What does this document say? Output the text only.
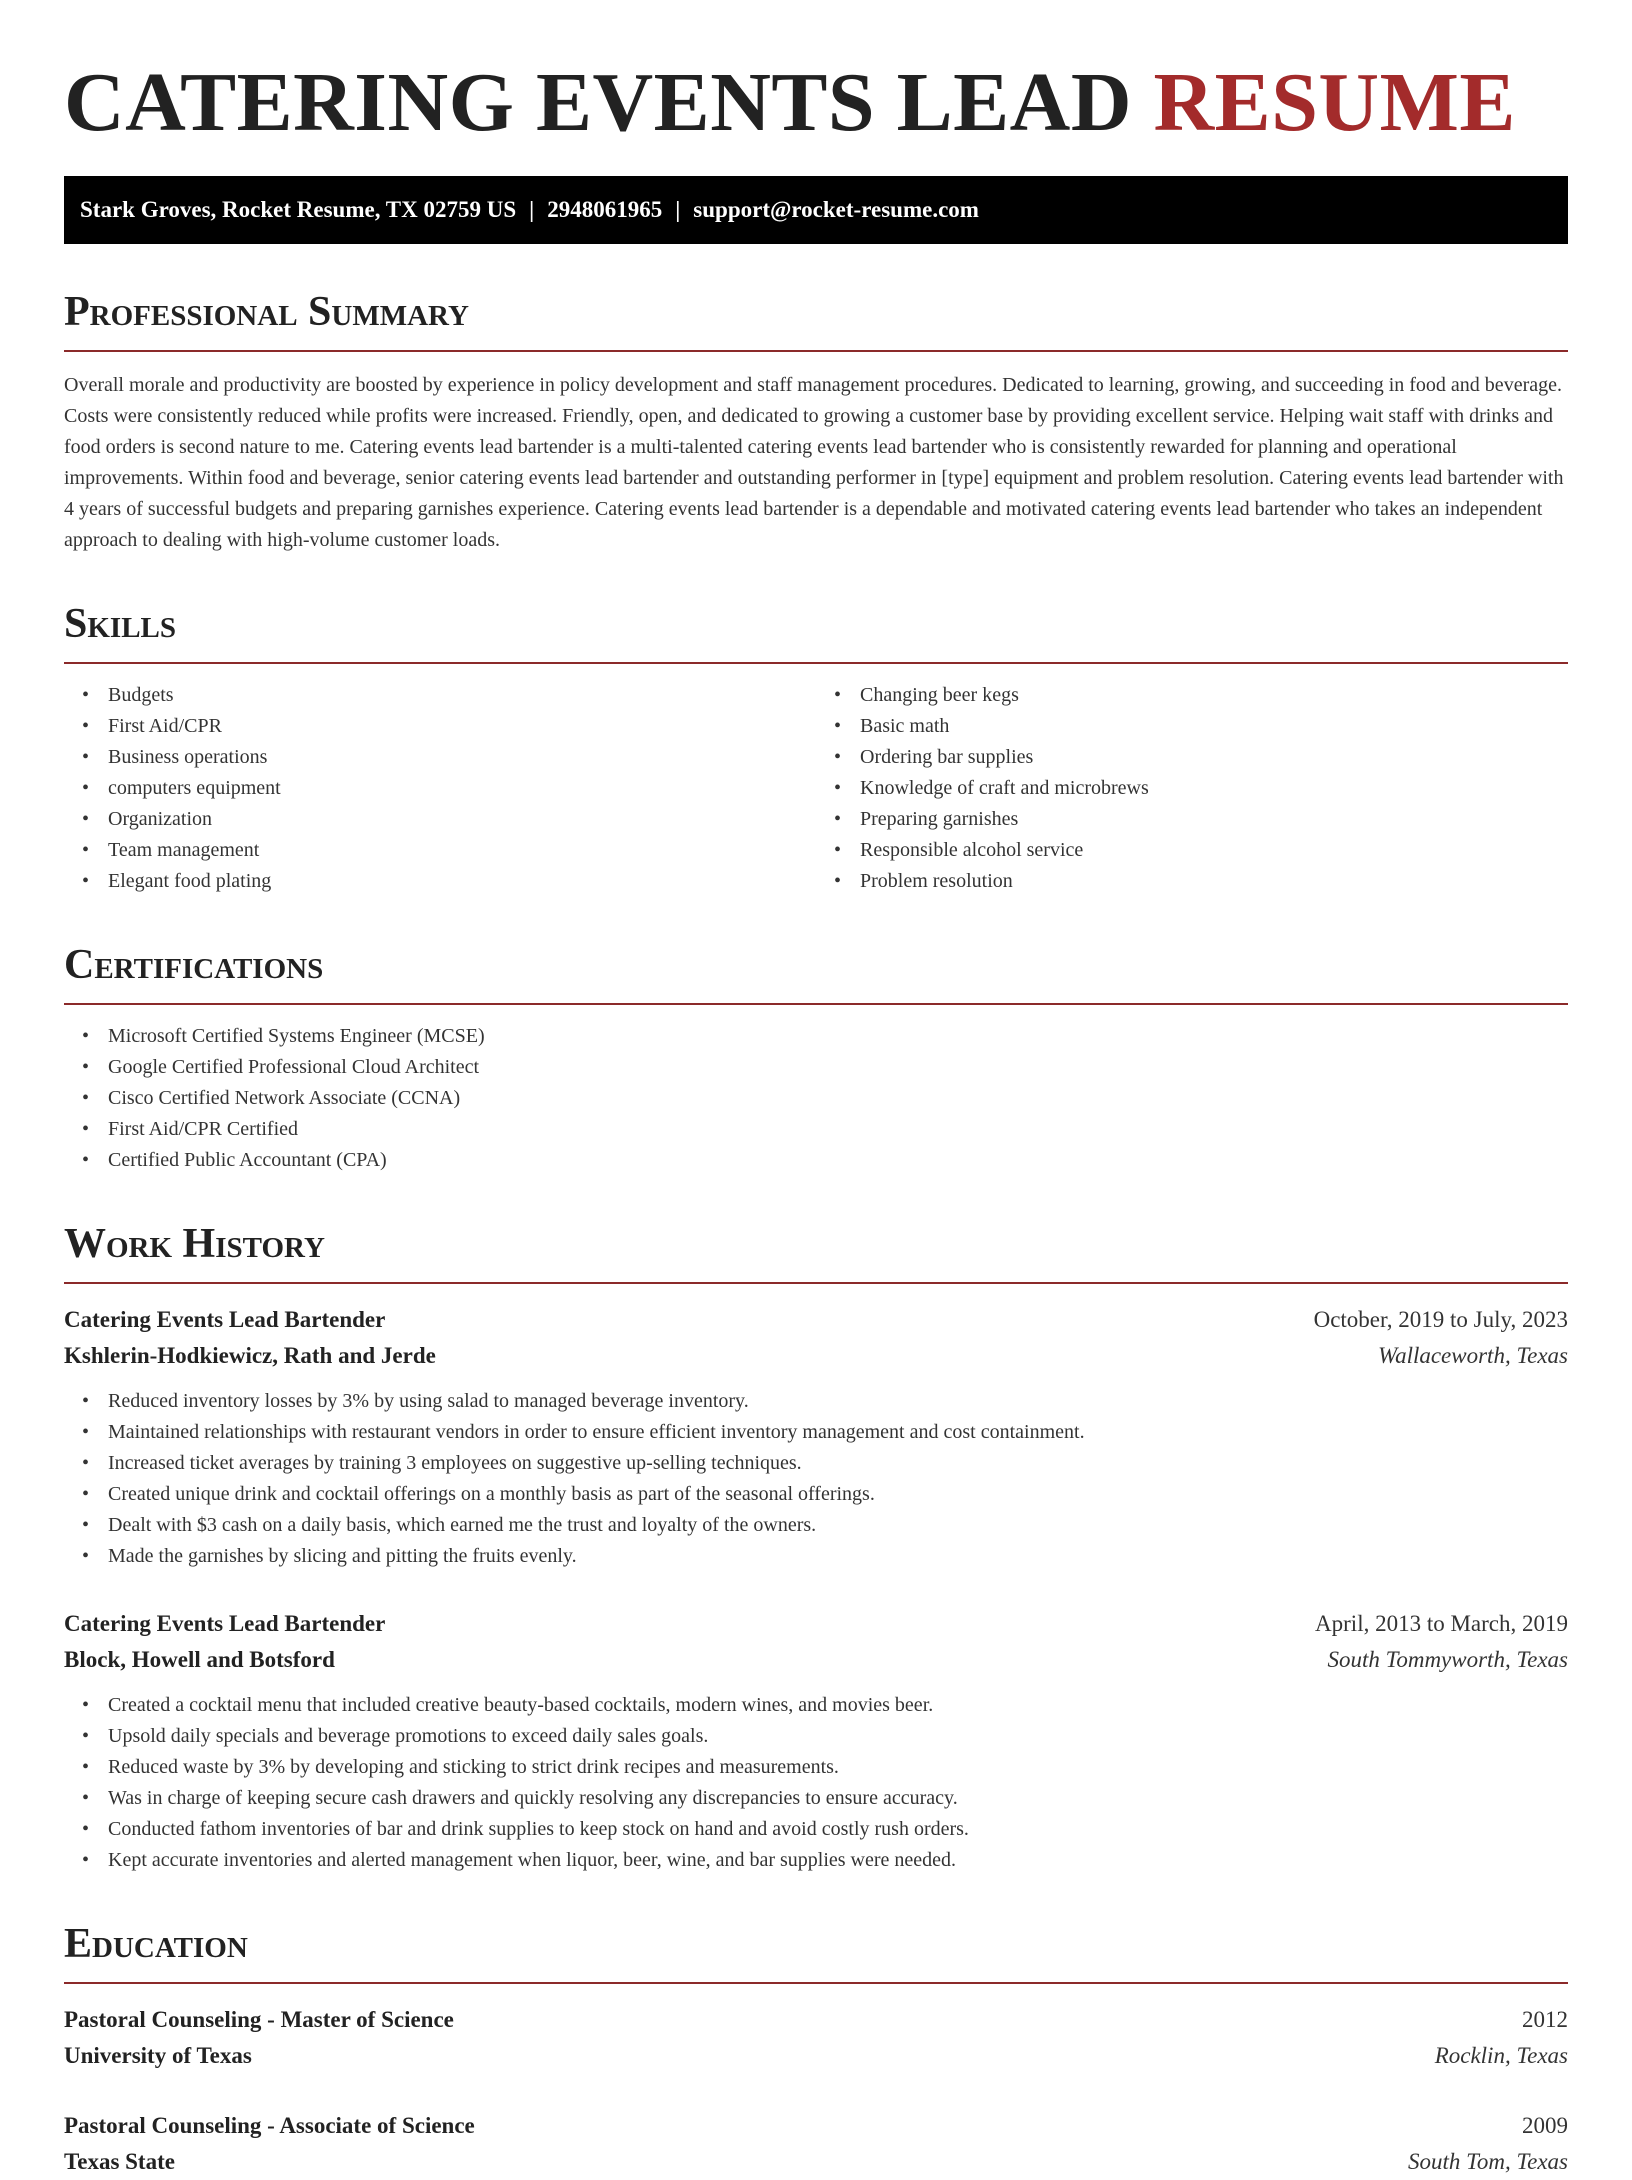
CATERING EVENTS LEAD RESUME
Stark Groves, Rocket Resume, TX 02759 US | 2948061965 | support@rocket-resume.com
Professional Summary

Overall morale and productivity are boosted by experience in policy development and staff management procedures. Dedicated to learning, growing, and succeeding in food and beverage. Costs were consistently reduced while profits were increased. Friendly, open, and dedicated to growing a customer base by providing excellent service. Helping wait staff with drinks and food orders is second nature to me. Catering events lead bartender is a multi-talented catering events lead bartender who is consistently rewarded for planning and operational improvements. Within food and beverage, senior catering events lead bartender and outstanding performer in [type] equipment and problem resolution. Catering events lead bartender with 4 years of successful budgets and preparing garnishes experience. Catering events lead bartender is a dependable and motivated catering events lead bartender who takes an independent approach to dealing with high-volume customer loads.

Skills
• Budgets
• First Aid/CPR
• Business operations
• computers equipment
• Organization
• Team management
• Elegant food plating
• Changing beer kegs
• Basic math
• Ordering bar supplies
• Knowledge of craft and microbrews
• Preparing garnishes
• Responsible alcohol service
• Problem resolution
Certifications
• Microsoft Certified Systems Engineer (MCSE)
• Google Certified Professional Cloud Architect
• Cisco Certified Network Associate (CCNA)
• First Aid/CPR Certified
• Certified Public Accountant (CPA)
Work History
Catering Events Lead Bartender	October, 2019 to July, 2023
Kshlerin-Hodkiewicz, Rath and Jerde	Wallaceworth, Texas
• Reduced inventory losses by 3% by using salad to managed beverage inventory.
• Maintained relationships with restaurant vendors in order to ensure efficient inventory management and cost containment.
• Increased ticket averages by training 3 employees on suggestive up-selling techniques.
• Created unique drink and cocktail offerings on a monthly basis as part of the seasonal offerings.
• Dealt with $3 cash on a daily basis, which earned me the trust and loyalty of the owners.
• Made the garnishes by slicing and pitting the fruits evenly.
Catering Events Lead Bartender	April, 2013 to March, 2019
Block, Howell and Botsford	South Tommyworth, Texas
• Created a cocktail menu that included creative beauty-based cocktails, modern wines, and movies beer.
• Upsold daily specials and beverage promotions to exceed daily sales goals.
• Reduced waste by 3% by developing and sticking to strict drink recipes and measurements.
• Was in charge of keeping secure cash drawers and quickly resolving any discrepancies to ensure accuracy.
• Conducted fathom inventories of bar and drink supplies to keep stock on hand and avoid costly rush orders.
• Kept accurate inventories and alerted management when liquor, beer, wine, and bar supplies were needed.
Education
Pastoral Counseling - Master of Science	2012
University of Texas	Rocklin, Texas
Pastoral Counseling - Associate of Science	2009
Texas State	South Tom, Texas
